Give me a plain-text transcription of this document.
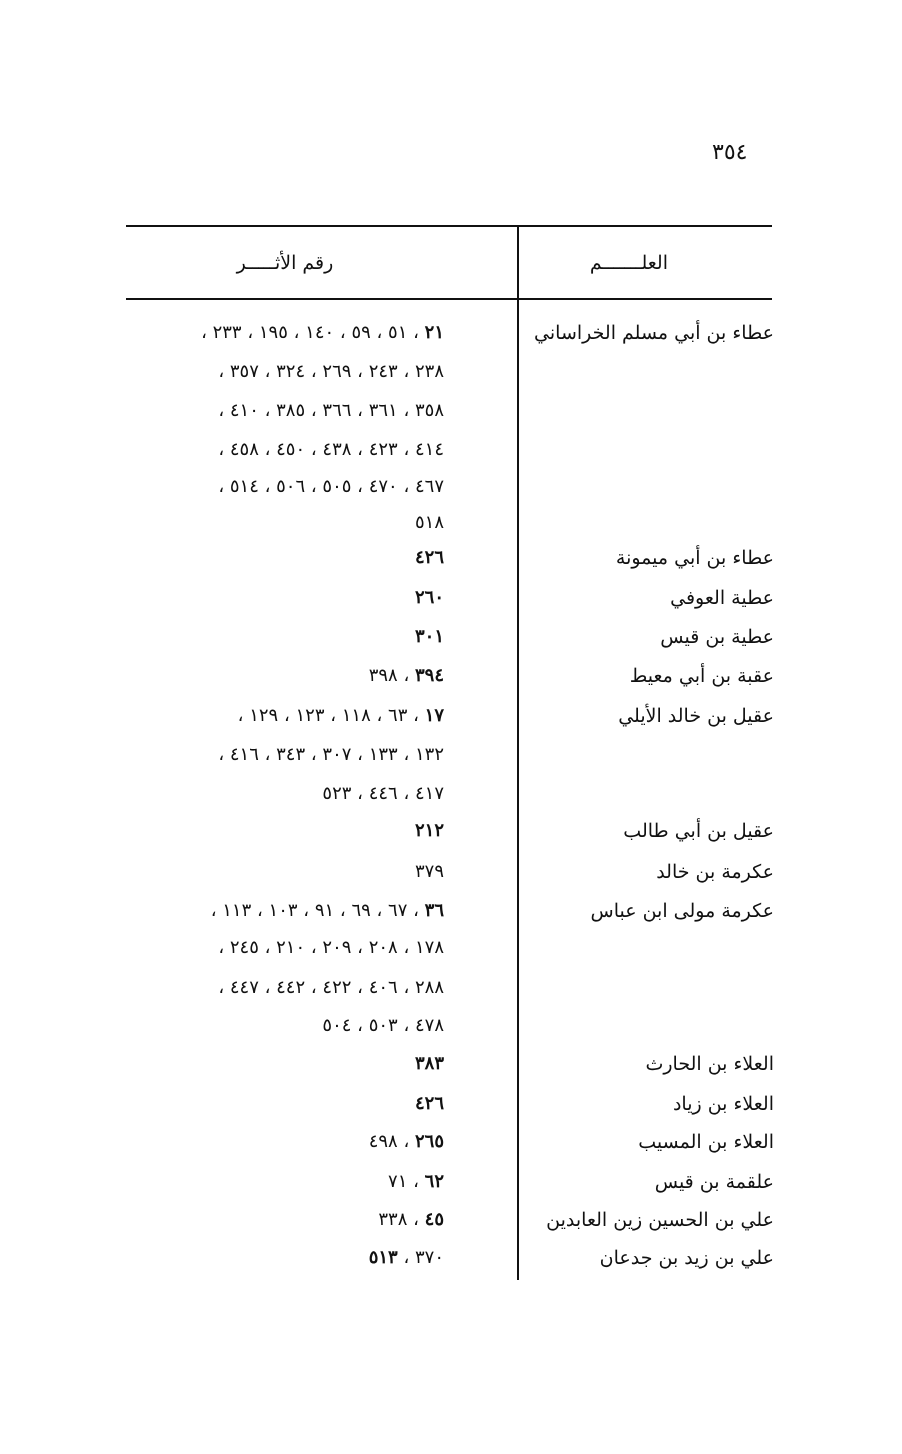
٣٥٤
العلـــــــم
رقم الأثـــــر
عطاء بن أبي مسلم الخراساني
٢١ ، ٥١ ، ٥٩ ، ١٤٠ ، ١٩٥ ، ٢٣٣ ،
٢٣٨ ، ٢٤٣ ، ٢٦٩ ، ٣٢٤ ، ٣٥٧ ،
٣٥٨ ، ٣٦١ ، ٣٦٦ ، ٣٨٥ ، ٤١٠ ،
٤١٤ ، ٤٢٣ ، ٤٣٨ ، ٤٥٠ ، ٤٥٨ ،
٤٦٧ ، ٤٧٠ ، ٥٠٥ ، ٥٠٦ ، ٥١٤ ،
٥١٨
عطاء بن أبي ميمونة
٤٢٦
عطية العوفي
٢٦٠
عطية بن قيس
٣٠١
عقبة بن أبي معيط
٣٩٤ ، ٣٩٨
عقيل بن خالد الأيلي
١٧ ، ٦٣ ، ١١٨ ، ١٢٣ ، ١٢٩ ،
١٣٢ ، ١٣٣ ، ٣٠٧ ، ٣٤٣ ، ٤١٦ ،
٤١٧ ، ٤٤٦ ، ٥٢٣
عقيل بن أبي طالب
٢١٢
عكرمة بن خالد
٣٧٩
عكرمة مولى ابن عباس
٣٦ ، ٦٧ ، ٦٩ ، ٩١ ، ١٠٣ ، ١١٣ ،
١٧٨ ، ٢٠٨ ، ٢٠٩ ، ٢١٠ ، ٢٤٥ ،
٢٨٨ ، ٤٠٦ ، ٤٢٢ ، ٤٤٢ ، ٤٤٧ ،
٤٧٨ ، ٥٠٣ ، ٥٠٤
العلاء بن الحارث
٣٨٣
العلاء بن زياد
٤٢٦
العلاء بن المسيب
٢٦٥ ، ٤٩٨
علقمة بن قيس
٦٢ ، ٧١
علي بن الحسين زين العابدين
٤٥ ، ٣٣٨
علي بن زيد بن جدعان
٣٧٠ ، ٥١٣
